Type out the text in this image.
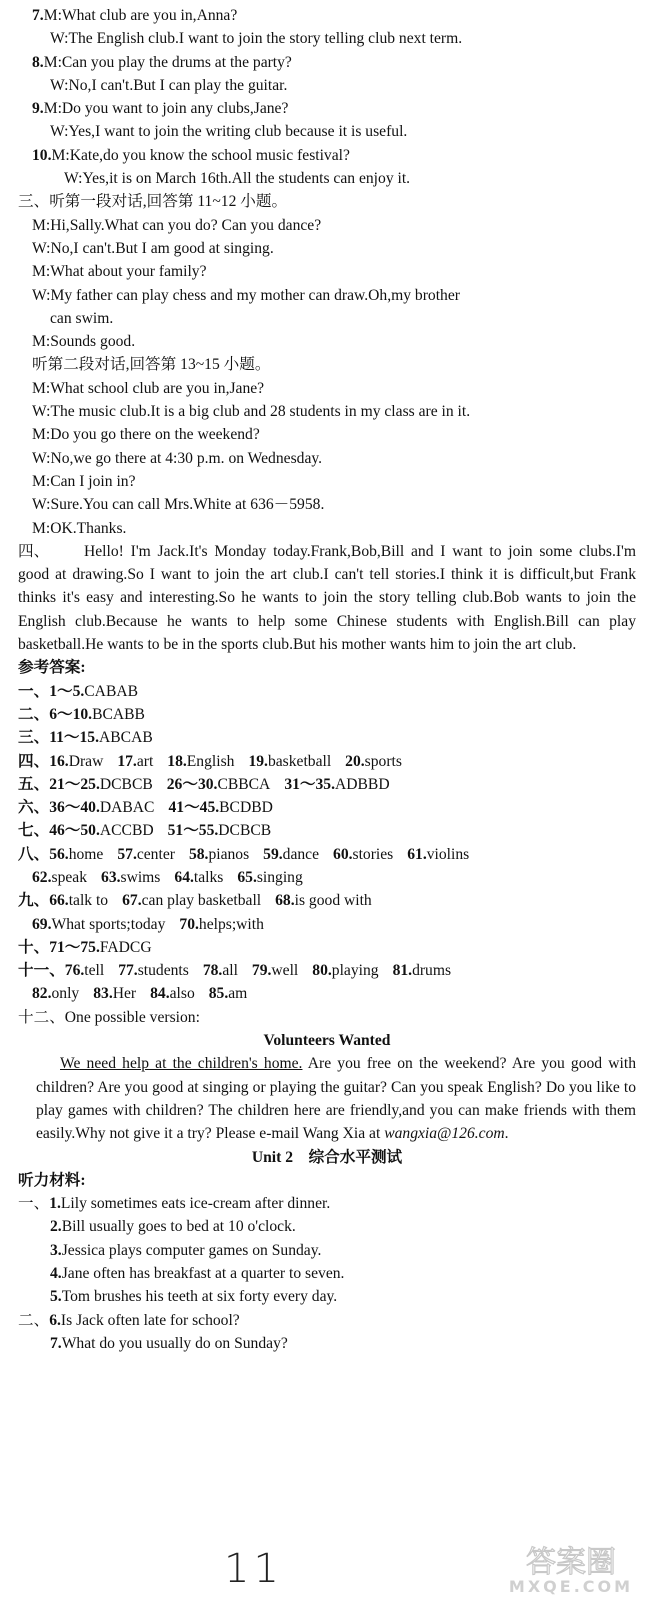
7.M:What club are you in,Anna?
W:The English club.I want to join the story telling club next term.
8.M:Can you play the drums at the party?
W:No,I can't.But I can play the guitar.
9.M:Do you want to join any clubs,Jane?
W:Yes,I want to join the writing club because it is useful.
10.M:Kate,do you know the school music festival?
W:Yes,it is on March 16th.All the students can enjoy it.
三、听第一段对话,回答第 11~12 小题。
M:Hi,Sally.What can you do? Can you dance?
W:No,I can't.But I am good at singing.
M:What about your family?
W:My father can play chess and my mother can draw.Oh,my brother
can swim.
M:Sounds good.
听第二段对话,回答第 13~15 小题。
M:What school club are you in,Jane?
W:The music club.It is a big club and 28 students in my class are in it.
M:Do you go there on the weekend?
W:No,we go there at 4:30 p.m. on Wednesday.
M:Can I join in?
W:Sure.You can call Mrs.White at 636－5958.
M:OK.Thanks.
四、	Hello! I'm Jack.It's Monday today.Frank,Bob,Bill and I want to join some clubs.I'm good at drawing.So I want to join the art club.I can't tell stories.I think it is difficult,but Frank thinks it's easy and interesting.So he wants to join the story telling club.Bob wants to join the English club.Because he wants to help some Chinese students with English.Bill can play basketball.He wants to be in the sports club.But his mother wants him to join the art club.
参考答案:
一、1～5.CABAB
二、6～10.BCABB
三、11～15.ABCAB
四、16.Draw 17.art 18.English 19.basketball 20.sports
五、21～25.DCBCB 26～30.CBBCA 31～35.ADBBD
六、36～40.DABAC 41～45.BCDBD
七、46～50.ACCBD 51～55.DCBCB
八、56.home 57.center 58.pianos 59.dance 60.stories 61.violins
62.speak 63.swims 64.talks 65.singing
九、66.talk to 67.can play basketball 68.is good with
69.What sports;today 70.helps;with
十、71～75.FADCG
十一、76.tell 77.students 78.all 79.well 80.playing 81.drums
82.only 83.Her 84.also 85.am
十二、One possible version:
Volunteers Wanted
We need help at the children's home. Are you free on the weekend? Are you good with children? Are you good at singing or playing the guitar? Can you speak English? Do you like to play games with children? The children here are friendly,and you can make friends with them easily.Why not give it a try? Please e-mail Wang Xia at wangxia@126.com.
Unit 2　综合水平测试
听力材料:
一、1.Lily sometimes eats ice-cream after dinner.
2.Bill usually goes to bed at 10 o'clock.
3.Jessica plays computer games on Sunday.
4.Jane often has breakfast at a quarter to seven.
5.Tom brushes his teeth at six forty every day.
二、6.Is Jack often late for school?
7.What do you usually do on Sunday?
11	答案圈
MXQE.COM
